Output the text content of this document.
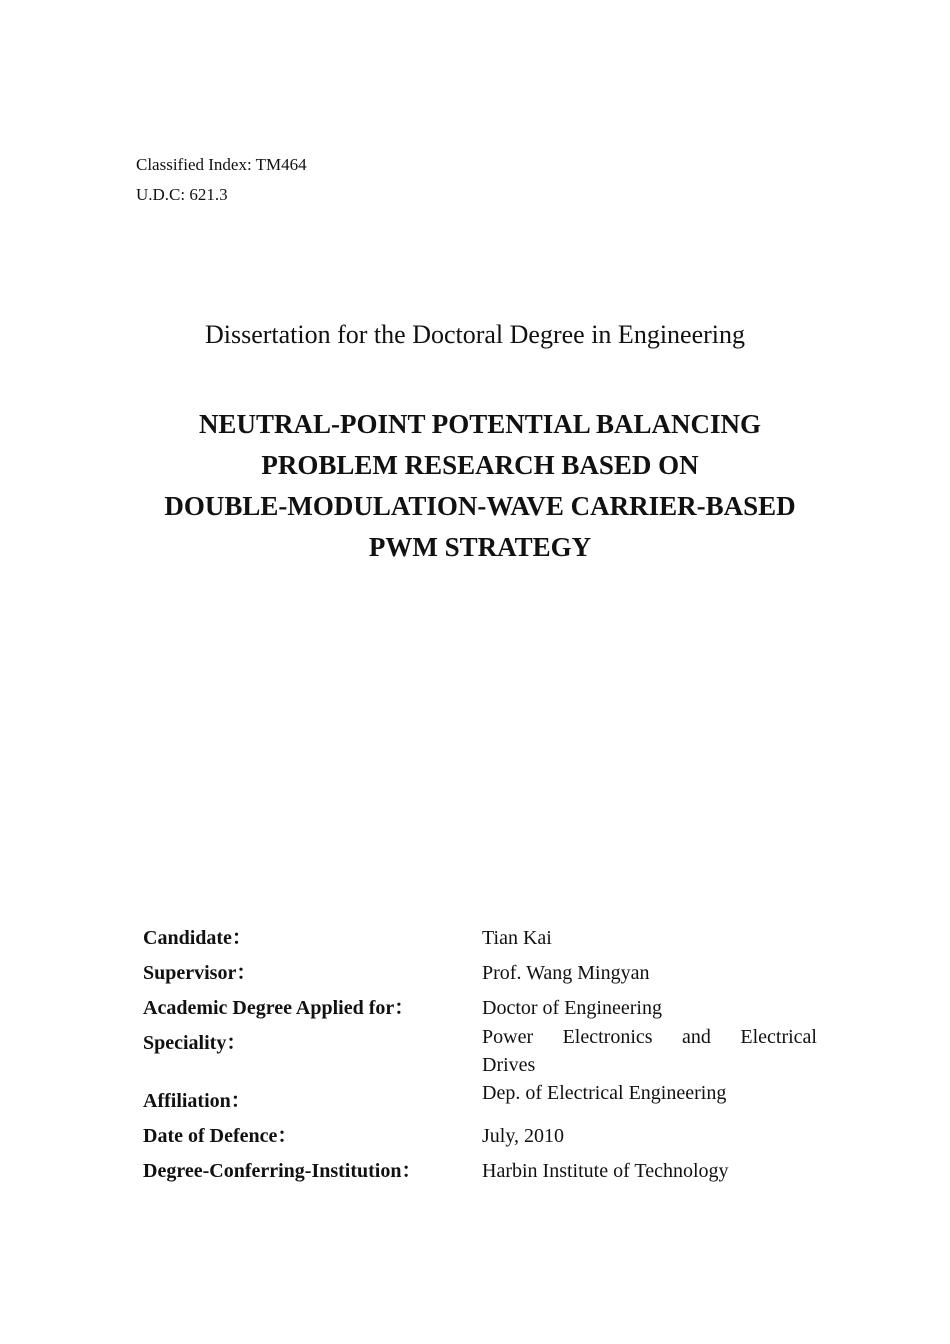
Classified Index: TM464
U.D.C: 621.3
Dissertation for the Doctoral Degree in Engineering
NEUTRAL-POINT POTENTIAL BALANCING
PROBLEM RESEARCH BASED ON
DOUBLE-MODULATION-WAVE CARRIER-BASED
PWM STRATEGY
Candidate：	Tian Kai
Supervisor：	Prof. Wang Mingyan
Academic Degree Applied for：	Doctor of Engineering
Speciality：	Power Electronics and Electrical
Drives
Affiliation：	Dep. of Electrical Engineering
Date of Defence：	July, 2010
Degree-Conferring-Institution：	Harbin Institute of Technology
